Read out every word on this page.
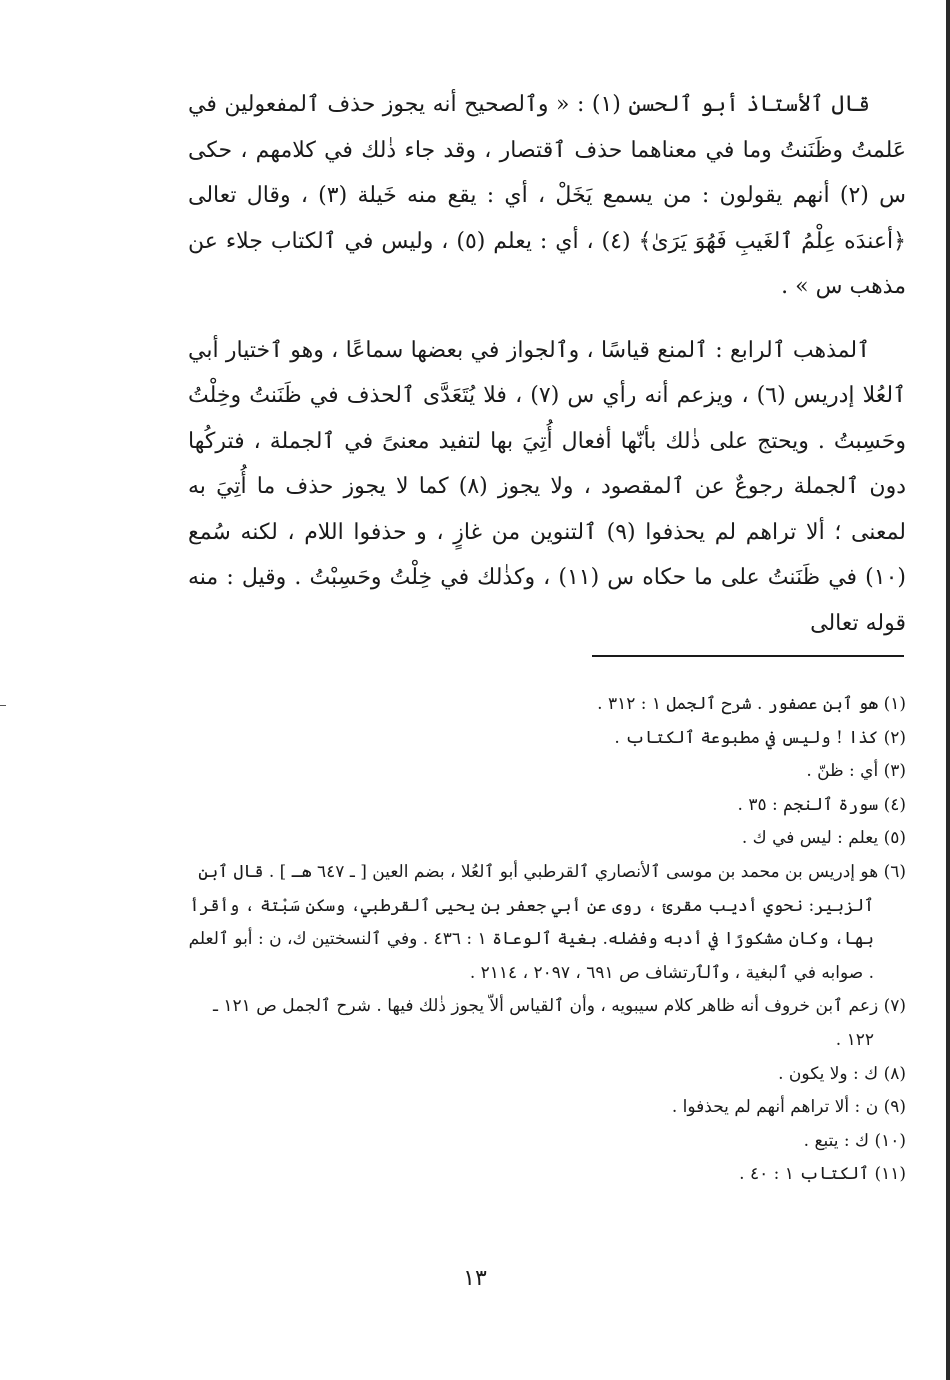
قال ٱلأستاذ أبو ٱلحسن (١) : « وٱلصحيح أنه يجوز حذف ٱلمفعولين في عَلمتُ وظَنَنتُ وما في معناهما حذف ٱقتصار ، وقد جاء ذٰلك في كلامهم ، حكى س (٢) أنهم يقولون : من يسمع يَخَلْ ، أي : يقع منه خَيلة (٣) ، وقال تعالى ﴿أعندَه عِلْمُ ٱلغَيبِ فَهُوَ يَرَىٰ﴾ (٤) ، أي : يعلم (٥) ، وليس في ٱلكتاب جلاء عن مذهب س » .

ٱلمذهب ٱلرابع : ٱلمنع قياسًا ، وٱلجواز في بعضها سماعًا ، وهو ٱختيار أبي ٱلعُلا إدريس (٦) ، ويزعم أنه رأي س (٧) ، فلا يُتَعَدَّى ٱلحذف في ظَنَنتُ وخِلْتُ وحَسِبتُ . ويحتج على ذٰلك بأنّها أفعال أُتِيَ بها لتفيد معنىً في ٱلجملة ، فتركُها دون ٱلجملة رجوعٌ عن ٱلمقصود ، ولا يجوز (٨) كما لا يجوز حذف ما أُتِيَ به لمعنى ؛ ألا تراهم لم يحذفوا (٩) ٱلتنوين من غازٍ ، و حذفوا اللام ، لكنه سُمع (١٠) في ظَنَنتُ على ما حكاه س (١١) ، وكذٰلك في خِلْتُ وحَسِبْتُ . وقيل : منه قوله تعالى

(١) هو ٱبن عصفور . شرح ٱلجمل ١ : ٣١٢ .
(٢) كذا ! وليس في مطبوعة ٱلكتاب .
(٣) أي : ظنّ .
(٤) سورة ٱلنجم : ٣٥ .
(٥) يعلم : ليس في ك .
(٦) هو إدريس بن محمد بن موسى ٱلأنصاري ٱلقرطبي أبو ٱلعُلا ، بضم العين [ ـ ٦٤٧ هـ ] . قال ٱبن ٱلزبير: نحوي أديب مقرئ ، روى عن أبي جعفر بن يحيى ٱلقرطبي، وسكن سَبْتة ، وأقرأ بها، وكان مشكورًا في أدبه وفضله. بغية ٱلوعاة ١ : ٤٣٦ . وفي ٱلنسختين ك، ن : أبو ٱلعلم . صوابه في ٱلبغية ، وٱلٱرتشاف ص ٦٩١ ، ٢٠٩٧ ، ٢١١٤ .
(٧) زعم ٱبن خروف أنه ظاهر كلام سيبويه ، وأن ٱلقياس ألاّ يجوز ذٰلك فيها . شرح ٱلجمل ص ١٢١ ـ ١٢٢ .
(٨) ك : ولا يكون .
(٩) ن : ألا تراهم أنهم لم يحذفوا .
(١٠) ك : يتبع .
(١١) ٱلكتاب ١ : ٤٠ .
١٣
